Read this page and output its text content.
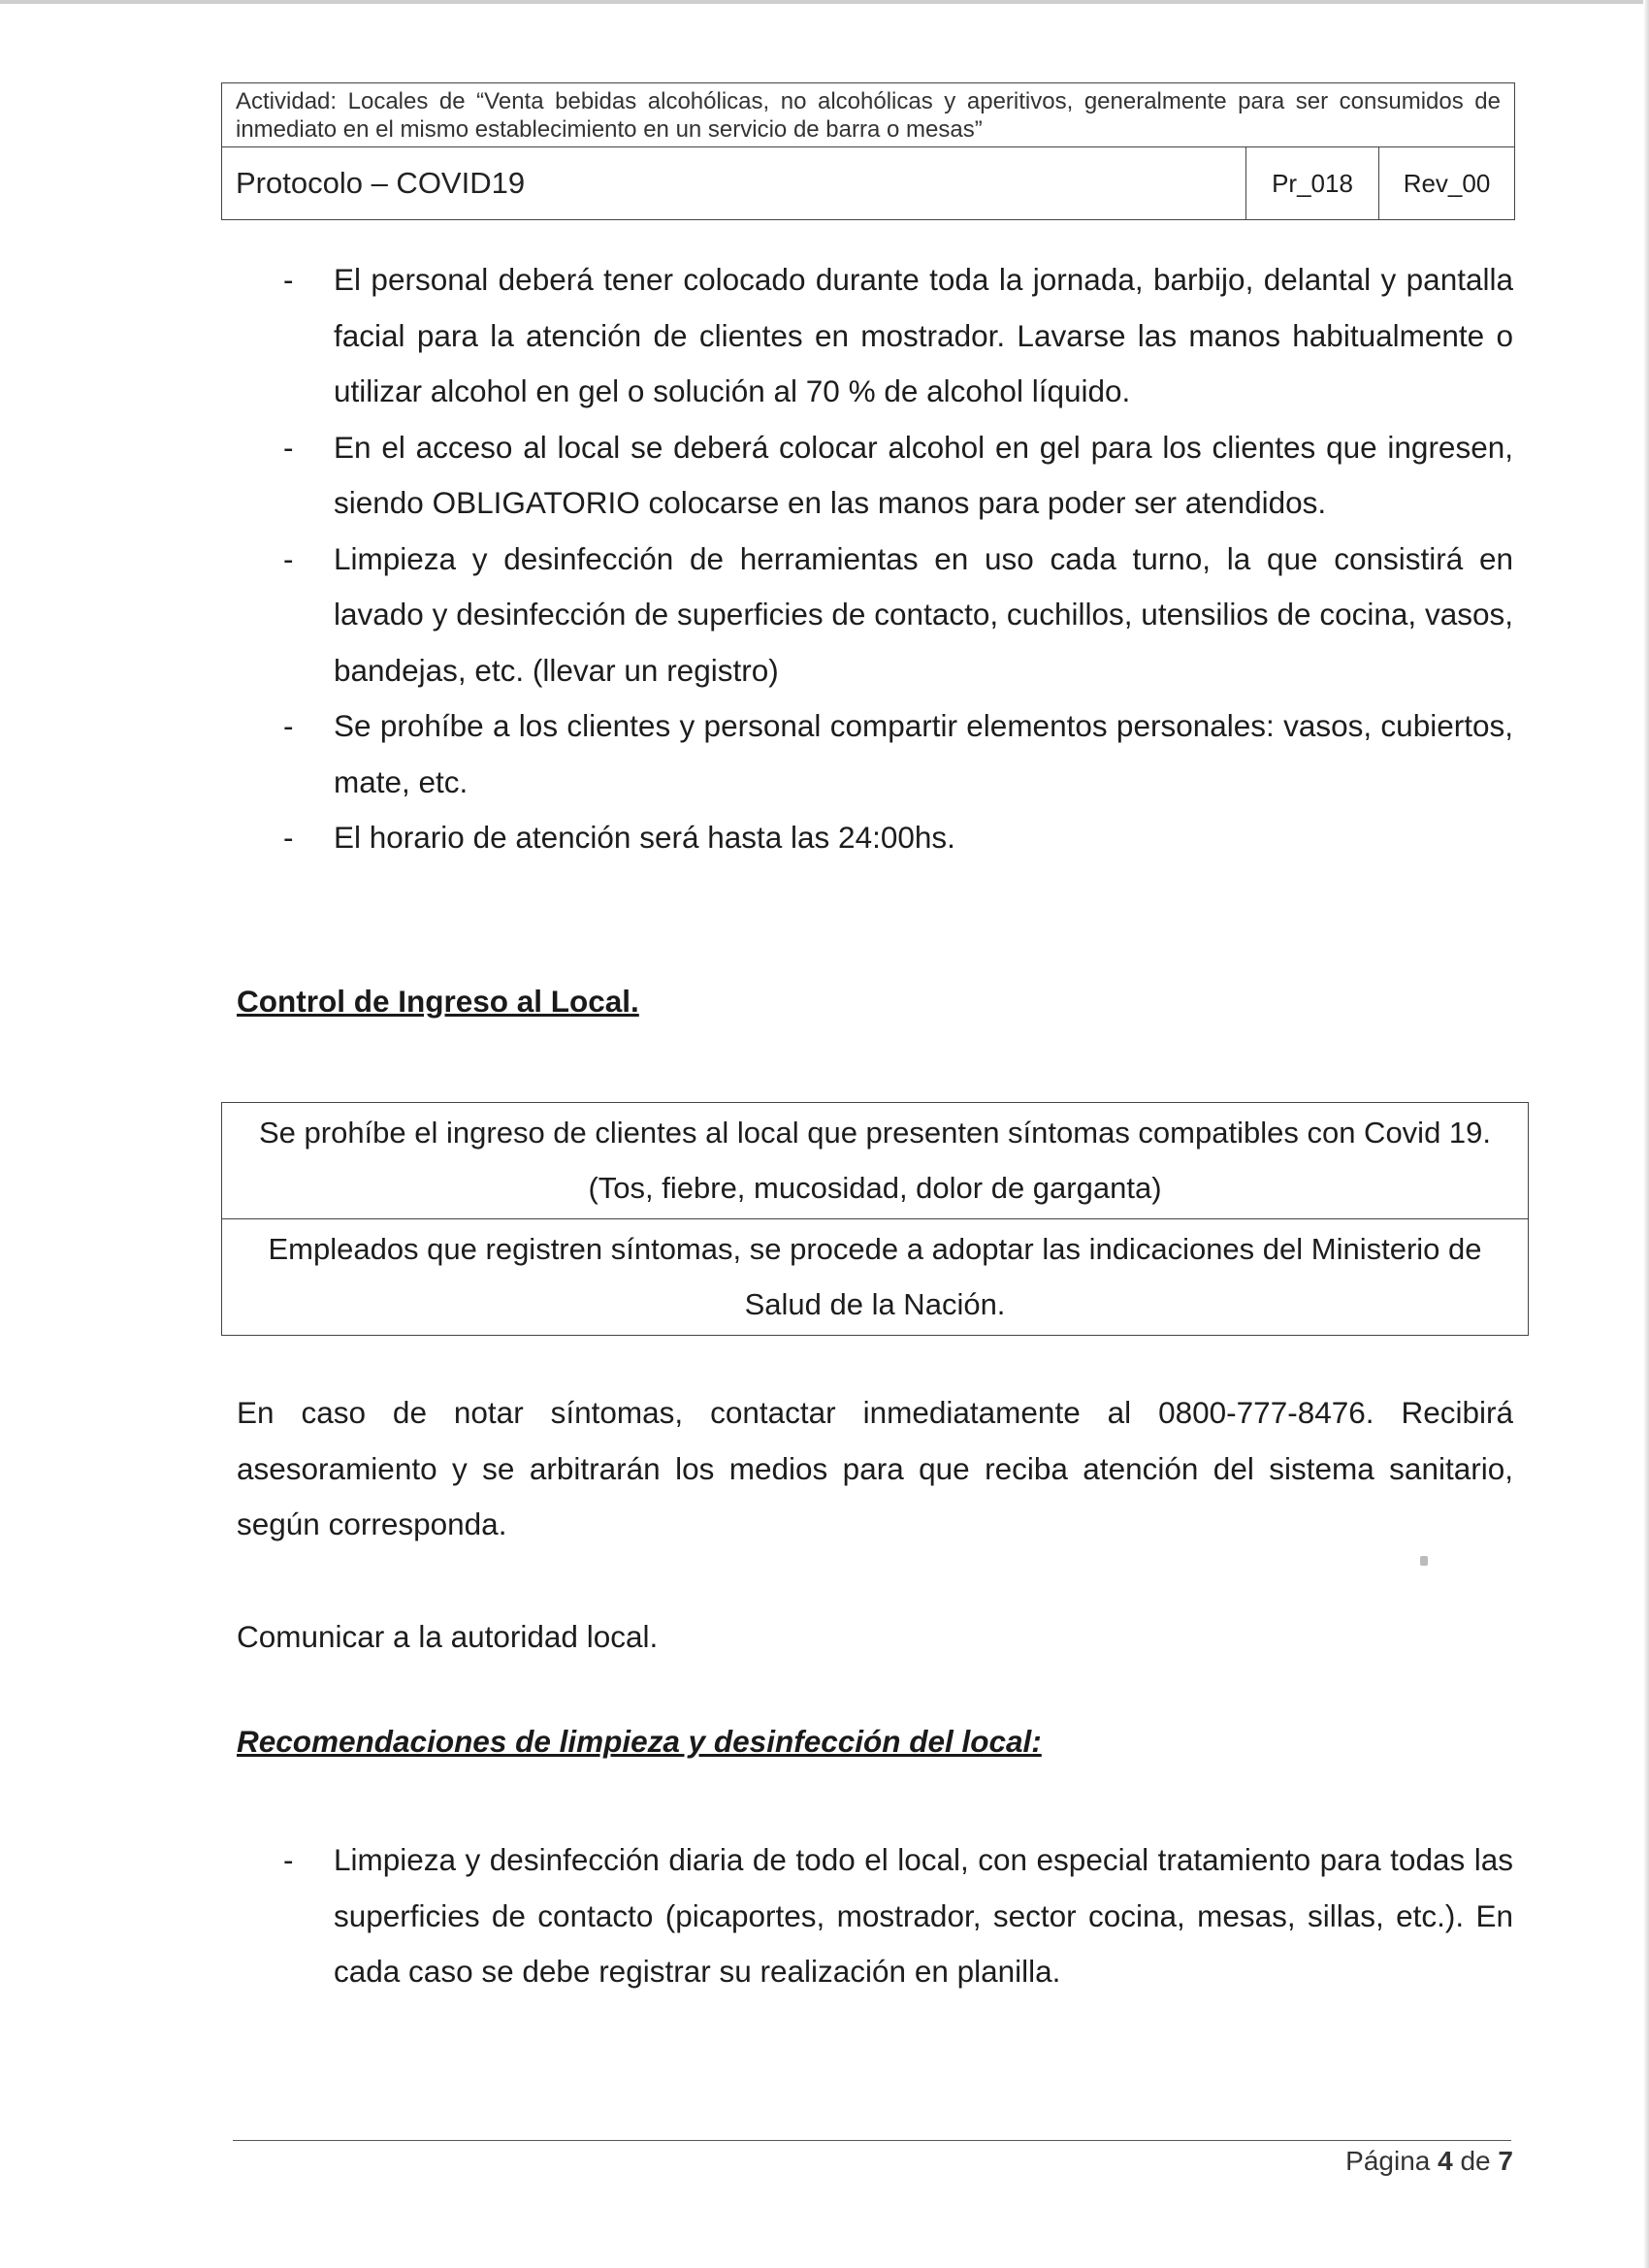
Actividad: Locales de “Venta bebidas alcohólicas, no alcohólicas y aperitivos, generalmente para ser consumidos de inmediato en el mismo establecimiento en un servicio de barra o mesas”
Protocolo – COVID19	Pr_018	Rev_00
-	El personal deberá tener colocado durante toda la jornada, barbijo, delantal y pantalla facial para la atención de clientes en mostrador. Lavarse las manos habitualmente o utilizar alcohol en gel o solución al 70 % de alcohol líquido.
-	En el acceso al local se deberá colocar alcohol en gel para los clientes que ingresen, siendo OBLIGATORIO colocarse en las manos para poder ser atendidos.
-	Limpieza y desinfección de herramientas en uso cada turno, la que consistirá en lavado y desinfección de superficies de contacto, cuchillos, utensilios de cocina, vasos, bandejas, etc. (llevar un registro)
-	Se prohíbe a los clientes y personal compartir elementos personales: vasos, cubiertos, mate, etc.
-	El horario de atención será hasta las 24:00hs.
Control de Ingreso al Local.
Se prohíbe el ingreso de clientes al local que presenten síntomas compatibles con Covid 19. (Tos, fiebre, mucosidad, dolor de garganta)
Empleados que registren síntomas, se procede a adoptar las indicaciones del Ministerio de Salud de la Nación.
En caso de notar síntomas, contactar inmediatamente al 0800-777-8476. Recibirá asesoramiento y se arbitrarán los medios para que reciba atención del sistema sanitario, según corresponda.
Comunicar a la autoridad local.
Recomendaciones de limpieza y desinfección del local:
-	Limpieza y desinfección diaria de todo el local, con especial tratamiento para todas las superficies de contacto (picaportes, mostrador, sector cocina, mesas, sillas, etc.). En cada caso se debe registrar su realización en planilla.
Página 4 de 7
